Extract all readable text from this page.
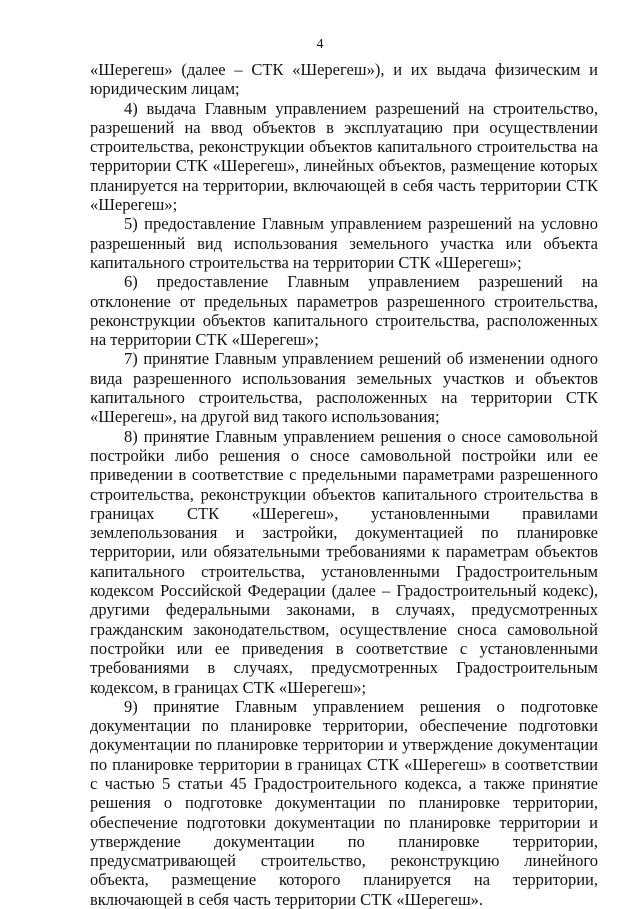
4

«Шерегеш» (далее – СТК «Шерегеш»), и их выдача физическим и юридическим лицам;

4) выдача Главным управлением разрешений на строительство, разрешений на ввод объектов в эксплуатацию при осуществлении строительства, реконструкции объектов капитального строительства на территории СТК «Шерегеш», линейных объектов, размещение которых планируется на территории, включающей в себя часть территории СТК «Шерегеш»;

5) предоставление Главным управлением разрешений на условно разрешенный вид использования земельного участка или объекта капитального строительства на территории СТК «Шерегеш»;

6) предоставление Главным управлением разрешений на отклонение от предельных параметров разрешенного строительства, реконструкции объектов капитального строительства, расположенных на территории СТК «Шерегеш»;

7) принятие Главным управлением решений об изменении одного вида разрешенного использования земельных участков и объектов капитального строительства, расположенных на территории СТК «Шерегеш», на другой вид такого использования;

8) принятие Главным управлением решения о сносе самовольной постройки либо решения о сносе самовольной постройки или ее приведении в соответствие с предельными параметрами разрешенного строительства, реконструкции объектов капитального строительства в границах СТК «Шерегеш», установленными правилами землепользования и застройки, документацией по планировке территории, или обязательными требованиями к параметрам объектов капитального строительства, установленными Градостроительным кодексом Российской Федерации (далее – Градостроительный кодекс), другими федеральными законами, в случаях, предусмотренных гражданским законодательством, осуществление сноса самовольной постройки или ее приведения в соответствие с установленными требованиями в случаях, предусмотренных Градостроительным кодексом, в границах СТК «Шерегеш»;

9) принятие Главным управлением решения о подготовке документации по планировке территории, обеспечение подготовки документации по планировке территории и утверждение документации по планировке территории в границах СТК «Шерегеш» в соответствии с частью 5 статьи 45 Градостроительного кодекса, а также принятие решения о подготовке документации по планировке территории, обеспечение подготовки документации по планировке территории и утверждение документации по планировке территории, предусматривающей строительство, реконструкцию линейного объекта, размещение которого планируется на территории, включающей в себя часть территории СТК «Шерегеш».
